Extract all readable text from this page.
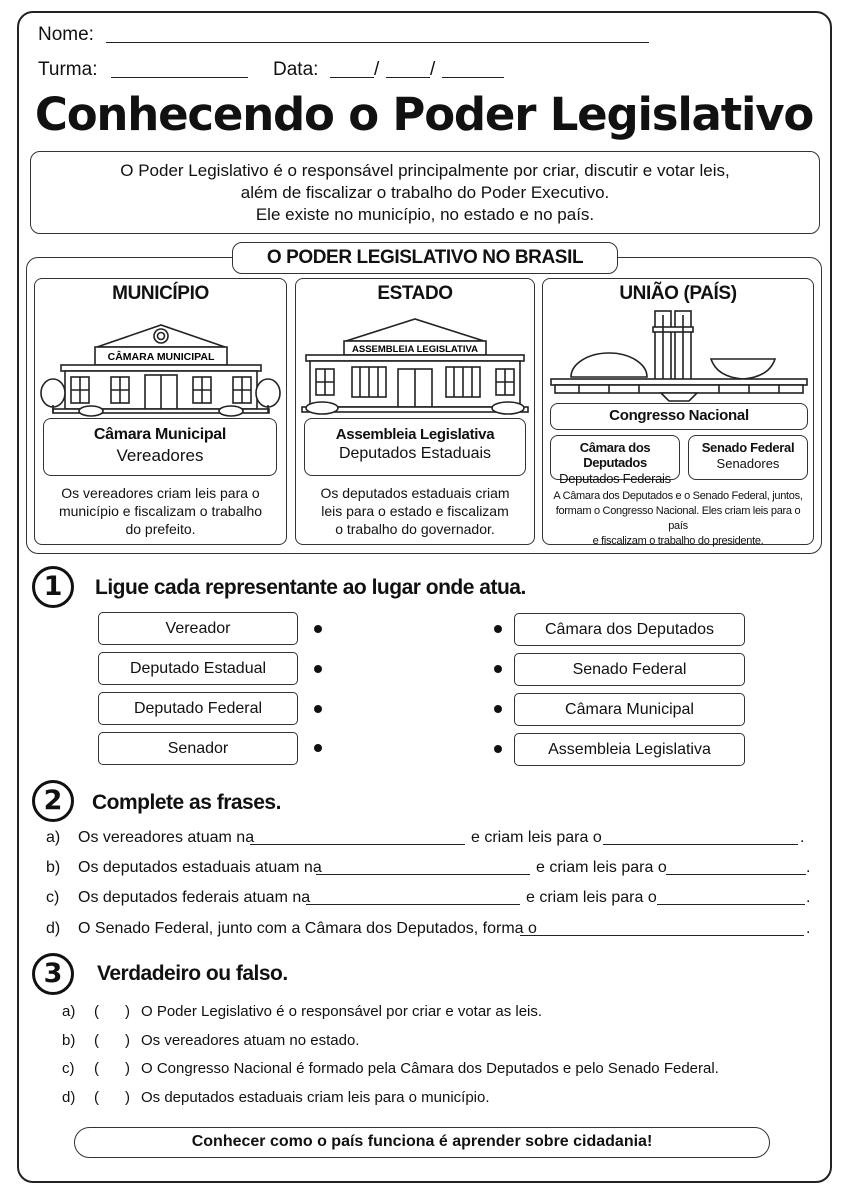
Nome:
Turma:	Data:	/	/
Conhecendo o Poder Legislativo
O Poder Legislativo é o responsável principalmente por criar, discutir e votar leis,
além de fiscalizar o trabalho do Poder Executivo.
Ele existe no município, no estado e no país.
O PODER LEGISLATIVO NO BRASIL
MUNICÍPIO
CÂMARA MUNICIPAL
Câmara Municipal
Vereadores
Os vereadores criam leis para o
município e fiscalizam o trabalho
do prefeito.
ESTADO
ASSEMBLEIA LEGISLATIVA
Assembleia Legislativa
Deputados Estaduais
Os deputados estaduais criam
leis para o estado e fiscalizam
o trabalho do governador.
UNIÃO (PAÍS)
Congresso Nacional
Câmara dos Deputados
Deputados Federais
Senado Federal
Senadores
A Câmara dos Deputados e o Senado Federal, juntos,
formam o Congresso Nacional. Eles criam leis para o país
e fiscalizam o trabalho do presidente.
1	Ligue cada representante ao lugar onde atua.
Vereador
Deputado Estadual
Deputado Federal
Senador
Câmara dos Deputados
Senado Federal
Câmara Municipal
Assembleia Legislativa
2	Complete as frases.
a) Os vereadores atuam na	e criam leis para o	.
b) Os deputados estaduais atuam na	e criam leis para o	.
c) Os deputados federais atuam na	e criam leis para o	.
d) O Senado Federal, junto com a Câmara dos Deputados, forma o	.
3	Verdadeiro ou falso.
a) ( ) O Poder Legislativo é o responsável por criar e votar as leis.
b) ( ) Os vereadores atuam no estado.
c) ( ) O Congresso Nacional é formado pela Câmara dos Deputados e pelo Senado Federal.
d) ( ) Os deputados estaduais criam leis para o município.
Conhecer como o país funciona é aprender sobre cidadania!
